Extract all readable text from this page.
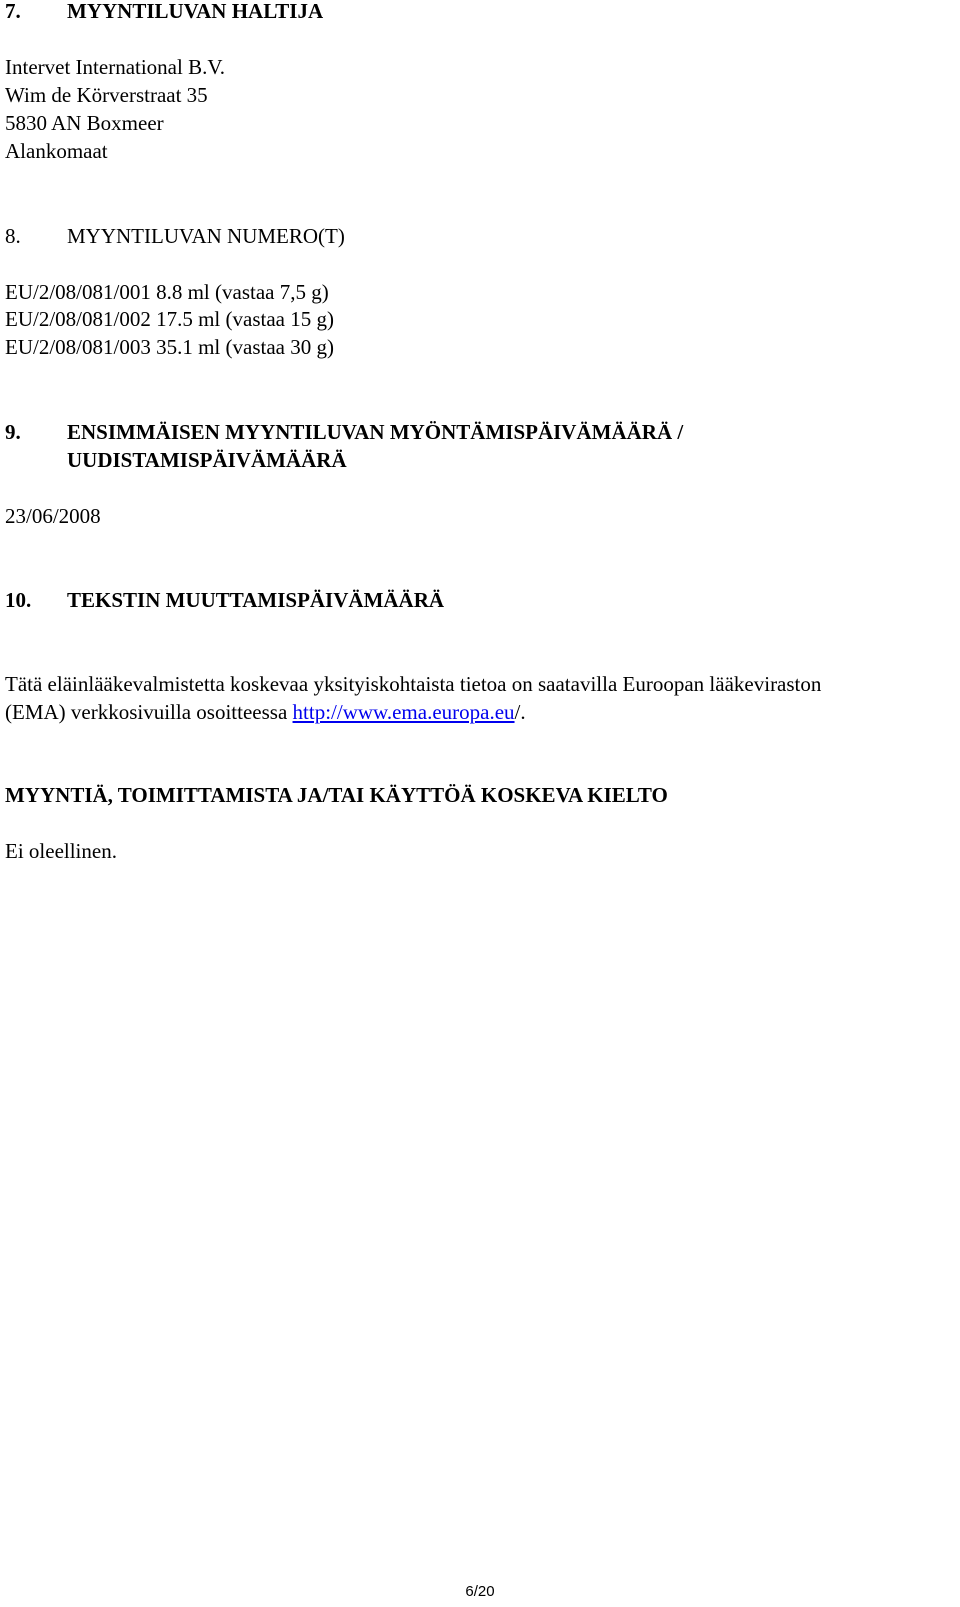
7. MYYNTILUVAN HALTIJA
Intervet International B.V.
Wim de Körverstraat 35
5830 AN Boxmeer
Alankomaat
8. MYYNTILUVAN NUMERO(T)
EU/2/08/081/001 8.8 ml (vastaa 7,5 g)
EU/2/08/081/002 17.5 ml (vastaa 15 g)
EU/2/08/081/003 35.1 ml (vastaa 30 g)
9. ENSIMMÄISEN MYYNTILUVAN MYÖNTÄMISPÄIVÄMÄÄRÄ /
UUDISTAMISPÄIVÄMÄÄRÄ
23/06/2008
10. TEKSTIN MUUTTAMISPÄIVÄMÄÄRÄ
Tätä eläinlääkevalmistetta koskevaa yksityiskohtaista tietoa on saatavilla Euroopan lääkeviraston
(EMA) verkkosivuilla osoitteessa http://www.ema.europa.eu/.
MYYNTIÄ, TOIMITTAMISTA JA/TAI KÄYTTÖÄ KOSKEVA KIELTO
Ei oleellinen.
6/20
